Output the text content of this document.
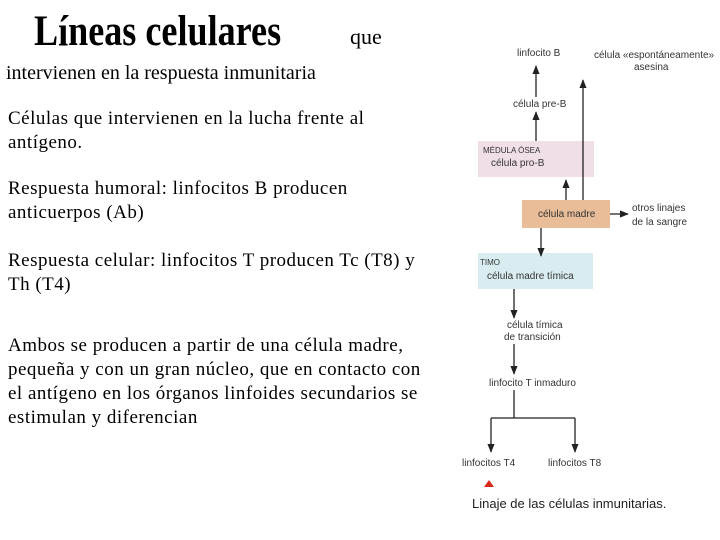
Líneas celulares	que
intervienen en la respuesta inmunitaria

Células que intervienen en la lucha frente al antígeno.

Respuesta humoral: linfocitos B producen anticuerpos (Ab)

Respuesta celular: linfocitos T producen Tc (T8) y Th (T4)

Ambos se producen a partir de una célula madre, pequeña y con un gran núcleo, que en contacto con el antígeno en los órganos linfoides secundarios se estimulan y diferencian

linfocito B	célula «espontáneamente»
asesina
célula pre-B
MÉDULA ÓSEA
célula pro-B
célula madre
otros linajes
de la sangre
TIMO
célula madre tímica
célula tímica
de transición
linfocito T inmaduro
linfocitos T4	linfocitos T8
Linaje de las células inmunitarias.
